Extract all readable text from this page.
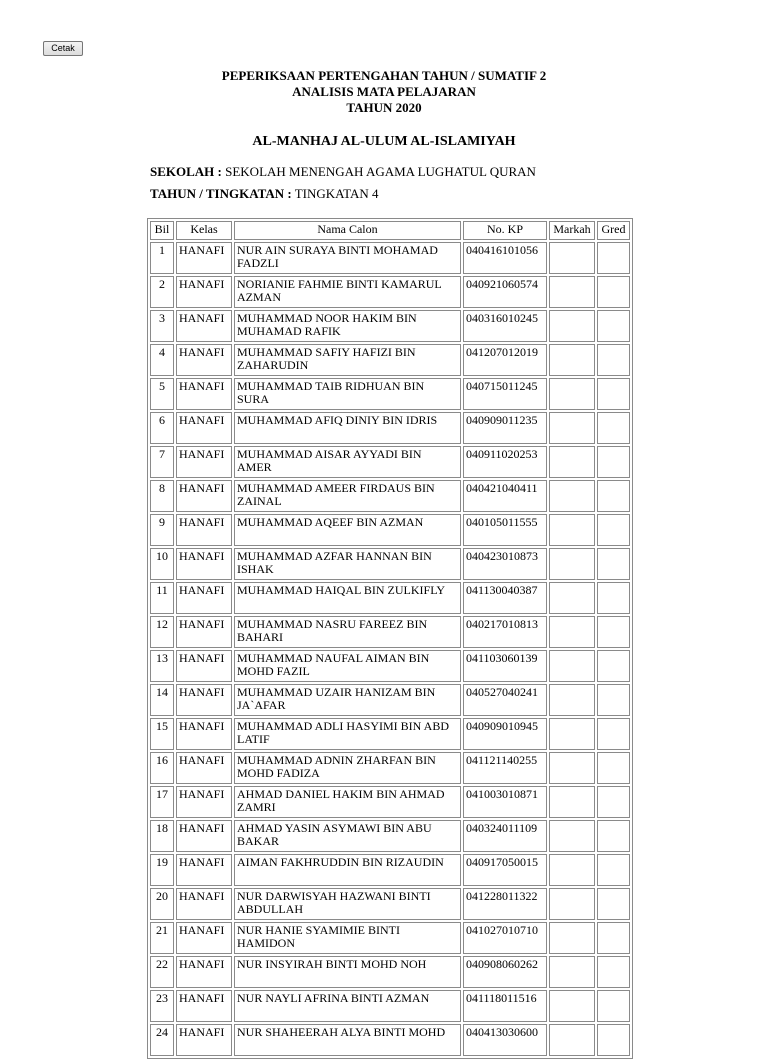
Cetak
PEPERIKSAAN PERTENGAHAN TAHUN / SUMATIF 2
ANALISIS MATA PELAJARAN
TAHUN 2020
AL-MANHAJ AL-ULUM AL-ISLAMIYAH
SEKOLAH : SEKOLAH MENENGAH AGAMA LUGHATUL QURAN
TAHUN / TINGKATAN : TINGKATAN 4
Bil	Kelas	Nama Calon	No. KP	Markah	Gred
1	HANAFI	NUR AIN SURAYA BINTI MOHAMAD FADZLI	040416101056		
2	HANAFI	NORIANIE FAHMIE BINTI KAMARUL AZMAN	040921060574		
3	HANAFI	MUHAMMAD NOOR HAKIM BIN MUHAMAD RAFIK	040316010245		
4	HANAFI	MUHAMMAD SAFIY HAFIZI BIN ZAHARUDIN	041207012019		
5	HANAFI	MUHAMMAD TAIB RIDHUAN BIN SURA	040715011245		
6	HANAFI	MUHAMMAD AFIQ DINIY BIN IDRIS	040909011235		
7	HANAFI	MUHAMMAD AISAR AYYADI BIN AMER	040911020253		
8	HANAFI	MUHAMMAD AMEER FIRDAUS BIN ZAINAL	040421040411		
9	HANAFI	MUHAMMAD AQEEF BIN AZMAN	040105011555		
10	HANAFI	MUHAMMAD AZFAR HANNAN BIN ISHAK	040423010873		
11	HANAFI	MUHAMMAD HAIQAL BIN ZULKIFLY	041130040387		
12	HANAFI	MUHAMMAD NASRU FAREEZ BIN BAHARI	040217010813		
13	HANAFI	MUHAMMAD NAUFAL AIMAN BIN MOHD FAZIL	041103060139		
14	HANAFI	MUHAMMAD UZAIR HANIZAM BIN JA`AFAR	040527040241		
15	HANAFI	MUHAMMAD ADLI HASYIMI BIN ABD LATIF	040909010945		
16	HANAFI	MUHAMMAD ADNIN ZHARFAN BIN MOHD FADIZA	041121140255		
17	HANAFI	AHMAD DANIEL HAKIM BIN AHMAD ZAMRI	041003010871		
18	HANAFI	AHMAD YASIN ASYMAWI BIN ABU BAKAR	040324011109		
19	HANAFI	AIMAN FAKHRUDDIN BIN RIZAUDIN	040917050015		
20	HANAFI	NUR DARWISYAH HAZWANI BINTI ABDULLAH	041228011322		
21	HANAFI	NUR HANIE SYAMIMIE BINTI HAMIDON	041027010710		
22	HANAFI	NUR INSYIRAH BINTI MOHD NOH	040908060262		
23	HANAFI	NUR NAYLI AFRINA BINTI AZMAN	041118011516		
24	HANAFI	NUR SHAHEERAH ALYA BINTI MOHD	040413030600		
